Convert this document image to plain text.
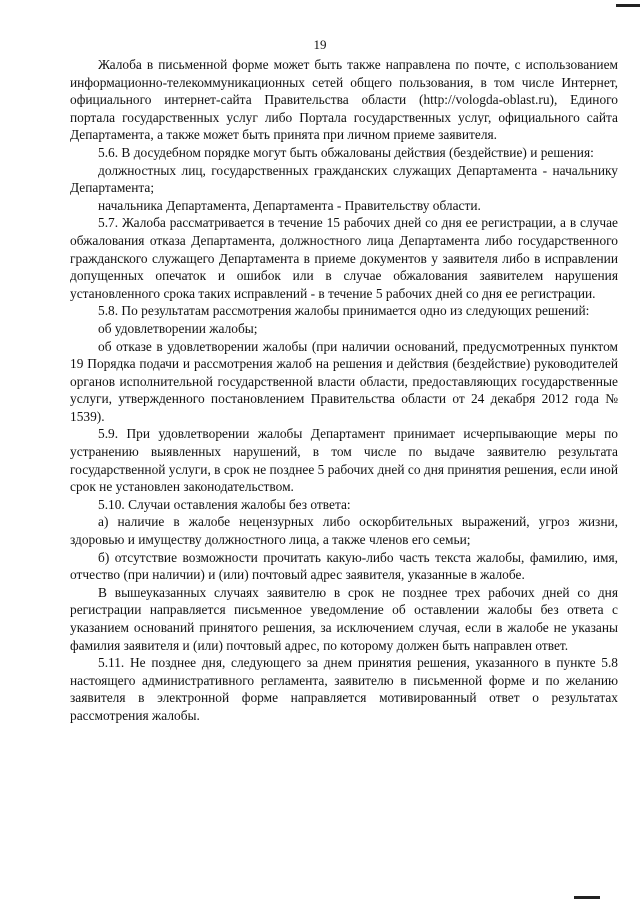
19

Жалоба в письменной форме может быть также направлена по почте, с использованием информационно-телекоммуникационных сетей общего пользования, в том числе Интернет, официального интернет-сайта Правительства области (http://vologda-oblast.ru), Единого портала государственных услуг либо Портала государственных услуг, официального сайта Департамента, а также может быть принята при личном приеме заявителя.

5.6. В досудебном порядке могут быть обжалованы действия (бездействие) и решения:

должностных лиц, государственных гражданских служащих Департамента - начальнику Департамента;

начальника Департамента, Департамента - Правительству области.

5.7. Жалоба рассматривается в течение 15 рабочих дней со дня ее регистрации, а в случае обжалования отказа Департамента, должностного лица Департамента либо государственного гражданского служащего Департамента в приеме документов у заявителя либо в исправлении допущенных опечаток и ошибок или в случае обжалования заявителем нарушения установленного срока таких исправлений - в течение 5 рабочих дней со дня ее регистрации.

5.8. По результатам рассмотрения жалобы принимается одно из следующих решений:

об удовлетворении жалобы;

об отказе в удовлетворении жалобы (при наличии оснований, предусмотренных пунктом 19 Порядка подачи и рассмотрения жалоб на решения и действия (бездействие) руководителей органов исполнительной государственной власти области, предоставляющих государственные услуги, утвержденного постановлением Правительства области от 24 декабря 2012 года № 1539).

5.9. При удовлетворении жалобы Департамент принимает исчерпывающие меры по устранению выявленных нарушений, в том числе по выдаче заявителю результата государственной услуги, в срок не позднее 5 рабочих дней со дня принятия решения, если иной срок не установлен законодательством.

5.10. Случаи оставления жалобы без ответа:

а) наличие в жалобе нецензурных либо оскорбительных выражений, угроз жизни, здоровью и имуществу должностного лица, а также членов его семьи;

б) отсутствие возможности прочитать какую-либо часть текста жалобы, фамилию, имя, отчество (при наличии) и (или) почтовый адрес заявителя, указанные в жалобе.

В вышеуказанных случаях заявителю в срок не позднее трех рабочих дней со дня регистрации направляется письменное уведомление об оставлении жалобы без ответа с указанием оснований принятого решения, за исключением случая, если в жалобе не указаны фамилия заявителя и (или) почтовый адрес, по которому должен быть направлен ответ.

5.11. Не позднее дня, следующего за днем принятия решения, указанного в пункте 5.8 настоящего административного регламента, заявителю в письменной форме и по желанию заявителя в электронной форме направляется мотивированный ответ о результатах рассмотрения жалобы.
